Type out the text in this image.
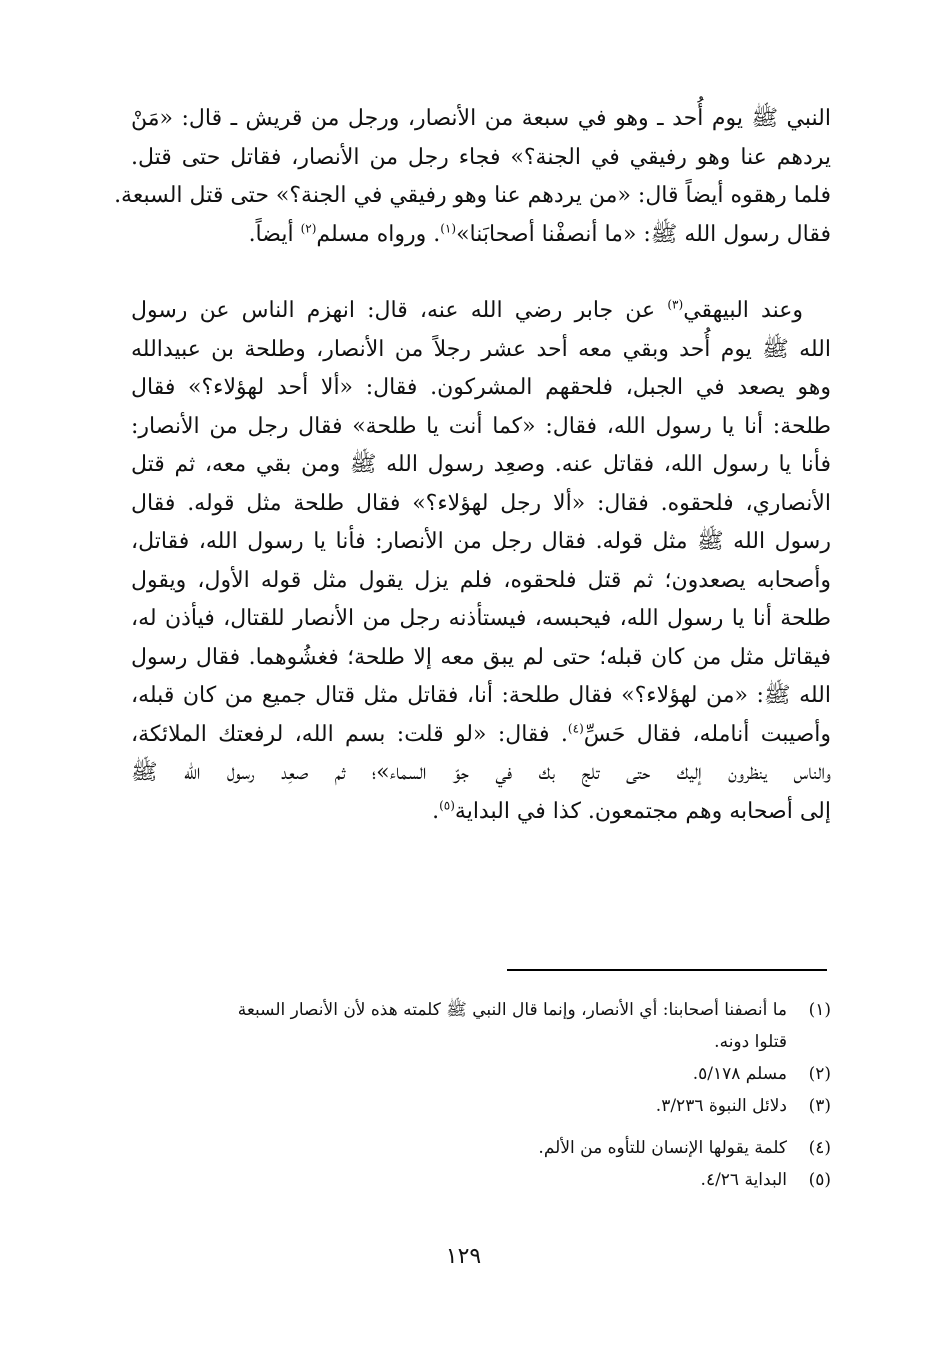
النبي ﷺ يوم أُحد ـ وهو في سبعة من الأنصار، ورجل من قريش ـ قال: «مَنْ
يردهم عنا وهو رفيقي في الجنة؟» فجاء رجل من الأنصار، فقاتل حتى قتل.
فلما رهقوه أيضاً قال: «من يردهم عنا وهو رفيقي في الجنة؟» حتى قتل السبعة.
فقال رسول الله ﷺ: «ما أنصفْنا أصحابَنا»$^{(١)}$. ورواه مسلم$^{(٢)}$ أيضاً.
وعند البيهقي$^{(٣)}$ عن جابر رضي الله عنه، قال: انهزم الناس عن رسول
الله ﷺ يوم أُحد وبقي معه أحد عشر رجلاً من الأنصار، وطلحة بن عبيدالله
وهو يصعد في الجبل، فلحقهم المشركون. فقال: «ألا أحد لهؤلاء؟» فقال
طلحة: أنا يا رسول الله، فقال: «كما أنت يا طلحة» فقال رجل من الأنصار:
فأنا يا رسول الله، فقاتل عنه. وصعِد رسول الله ﷺ ومن بقي معه، ثم قتل
الأنصاري، فلحقوه. فقال: «ألا رجل لهؤلاء؟» فقال طلحة مثل قوله. فقال
رسول الله ﷺ مثل قوله. فقال رجل من الأنصار: فأنا يا رسول الله، فقاتل،
وأصحابه يصعدون؛ ثم قتل فلحقوه، فلم يزل يقول مثل قوله الأول، ويقول
طلحة أنا يا رسول الله، فيحبسه، فيستأذنه رجل من الأنصار للقتال، فيأذن له،
فيقاتل مثل من كان قبله؛ حتى لم يبق معه إلا طلحة؛ فغشُوهما. فقال رسول
الله ﷺ: «من لهؤلاء؟» فقال طلحة: أنا، فقاتل مثل قتال جميع من كان قبله،
وأصيبت أنامله، فقال حَسِّ$^{(٤)}$. فقال: «لو قلت: بسم الله، لرفعتك الملائكة،
والناس ينظرون إليك حتى تلج بك في جوّ السماء»؛ ثم صعِد رسول الله ﷺ
إلى أصحابه وهم مجتمعون. كذا في البداية$^{(٥)}$.
(١)
ما أنصفنا أصحابنا: أي الأنصار، وإنما قال النبي ﷺ كلمته هذه لأن الأنصار السبعة
قتلوا دونه.
(٢)
مسلم ٥/١٧٨.
(٣)
دلائل النبوة ٣/٢٣٦.
(٤)
كلمة يقولها الإنسان للتأوه من الألم.
(٥)
البداية ٤/٢٦.
١٢٩
